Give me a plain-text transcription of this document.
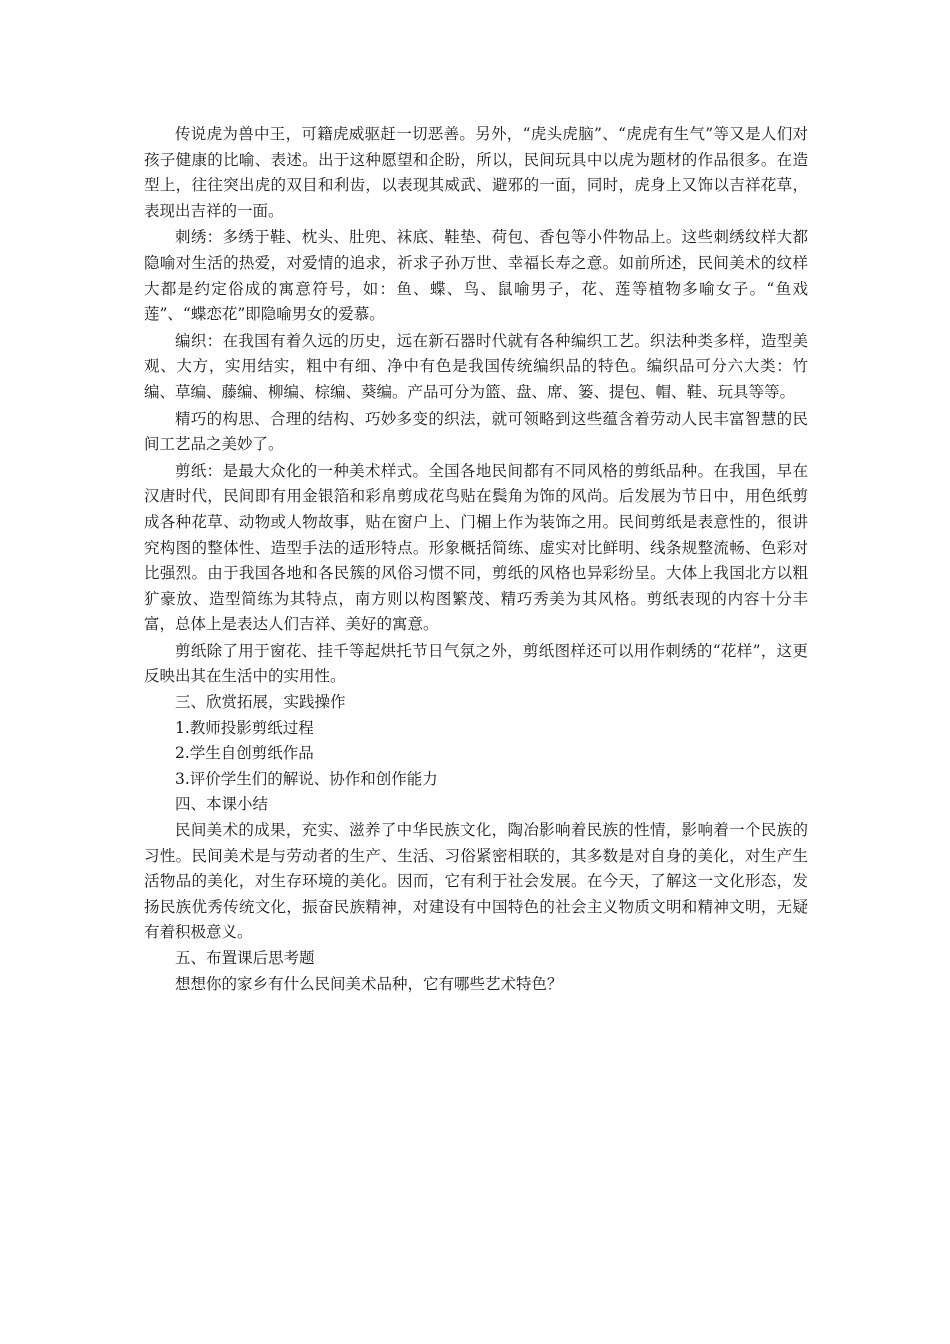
传说虎为兽中王，可籍虎威驱赶一切恶善。另外，“虎头虎脑”、“虎虎有生气”等又是人们对孩子健康的比喻、表述。出于这种愿望和企盼，所以，民间玩具中以虎为题材的作品很多。在造型上，往往突出虎的双目和利齿，以表现其威武、避邪的一面，同时，虎身上又饰以吉祥花草，表现出吉祥的一面。

刺绣：多绣于鞋、枕头、肚兜、袜底、鞋垫、荷包、香包等小件物品上。这些刺绣纹样大都隐喻对生活的热爱，对爱情的追求，祈求子孙万世、幸福长寿之意。如前所述，民间美术的纹样大都是约定俗成的寓意符号，如：鱼、蝶、鸟、鼠喻男子，花、莲等植物多喻女子。“鱼戏莲”、“蝶恋花”即隐喻男女的爱慕。

编织：在我国有着久远的历史，远在新石器时代就有各种编织工艺。织法种类多样，造型美观、大方，实用结实，粗中有细、净中有色是我国传统编织品的特色。编织品可分六大类：竹编、草编、藤编、柳编、棕编、葵编。产品可分为篮、盘、席、篓、提包、帽、鞋、玩具等等。

精巧的构思、合理的结构、巧妙多变的织法，就可领略到这些蕴含着劳动人民丰富智慧的民间工艺品之美妙了。

剪纸：是最大众化的一种美术样式。全国各地民间都有不同风格的剪纸品种。在我国，早在汉唐时代，民间即有用金银箔和彩帛剪成花鸟贴在鬓角为饰的风尚。后发展为节日中，用色纸剪成各种花草、动物或人物故事，贴在窗户上、门楣上作为装饰之用。民间剪纸是表意性的，很讲究构图的整体性、造型手法的适形特点。形象概括简练、虚实对比鲜明、线条规整流畅、色彩对比强烈。由于我国各地和各民簇的风俗习惯不同，剪纸的风格也异彩纷呈。大体上我国北方以粗犷豪放、造型简练为其特点，南方则以构图繁茂、精巧秀美为其风格。剪纸表现的内容十分丰富，总体上是表达人们吉祥、美好的寓意。

剪纸除了用于窗花、挂千等起烘托节日气氛之外，剪纸图样还可以用作刺绣的“花样”，这更反映出其在生活中的实用性。

三、欣赏拓展，实践操作

1.教师投影剪纸过程

2.学生自创剪纸作品

3.评价学生们的解说、协作和创作能力

四、本课小结

民间美术的成果，充实、滋养了中华民族文化，陶冶影响着民族的性情，影响着一个民族的习性。民间美术是与劳动者的生产、生活、习俗紧密相联的，其多数是对自身的美化，对生产生活物品的美化，对生存环境的美化。因而，它有利于社会发展。在今天，了解这一文化形态，发扬民族优秀传统文化，振奋民族精神，对建设有中国特色的社会主义物质文明和精神文明，无疑有着积极意义。

五、布置课后思考题

想想你的家乡有什么民间美术品种，它有哪些艺术特色？
